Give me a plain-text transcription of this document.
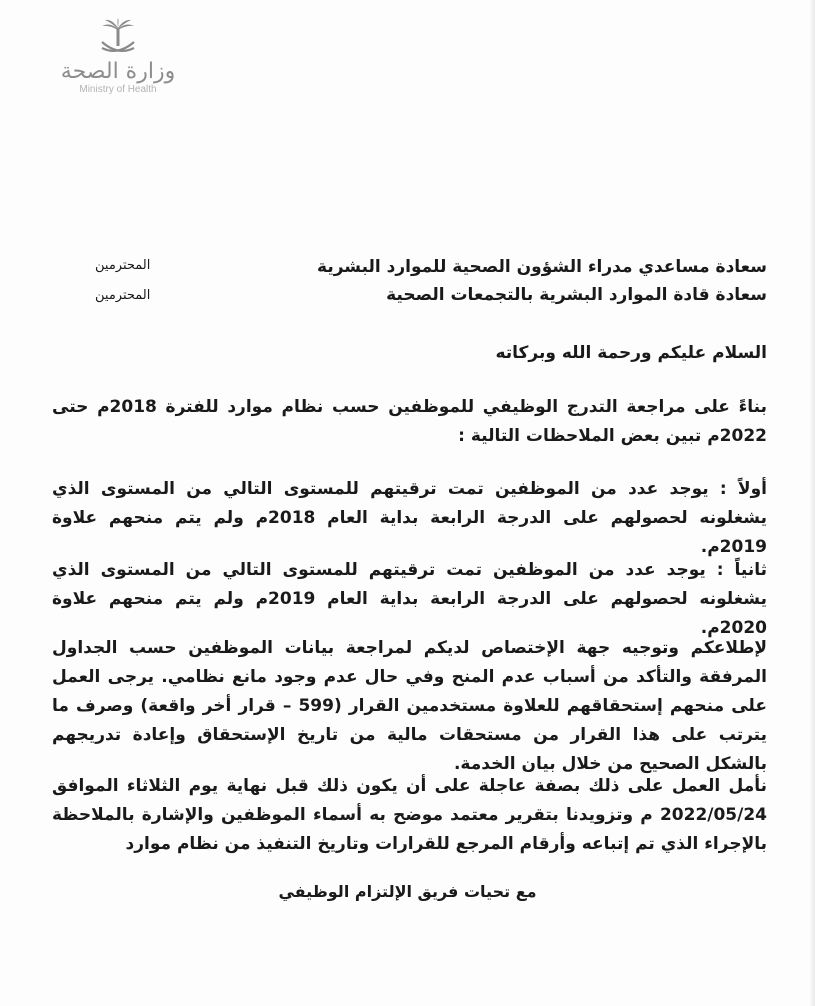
وزارة الصحة
Ministry of Health
سعادة مساعدي مدراء الشؤون الصحية للموارد البشرية
المحترمين
سعادة قادة الموارد البشرية بالتجمعات الصحية
المحترمين
السلام عليكم ورحمة الله وبركاته

بناءً على مراجعة التدرج الوظيفي للموظفين حسب نظام موارد للفترة 2018م حتى 2022م تبين بعض الملاحظات التالية :

أولاً : يوجد عدد من الموظفين تمت ترقيتهم للمستوى التالي من المستوى الذي يشغلونه لحصولهم على الدرجة الرابعة بداية العام 2018م ولم يتم منحهم علاوة 2019م.

ثانياً : يوجد عدد من الموظفين تمت ترقيتهم للمستوى التالي من المستوى الذي يشغلونه لحصولهم على الدرجة الرابعة بداية العام 2019م ولم يتم منحهم علاوة 2020م.

لإطلاعكم وتوجيه جهة الإختصاص لديكم لمراجعة بيانات الموظفين حسب الجداول المرفقة والتأكد من أسباب عدم المنح وفي حال عدم وجود مانع نظامي. يرجى العمل على منحهم إستحقاقهم للعلاوة مستخدمين القرار (599 – قرار أخر واقعة) وصرف ما يترتب على هذا القرار من مستحقات مالية من تاريخ الإستحقاق وإعادة تدريجهم بالشكل الصحيح من خلال بيان الخدمة.

نأمل العمل على ذلك بصفة عاجلة على أن يكون ذلك قبل نهاية يوم الثلاثاء الموافق 2022/05/24 م وتزويدنا بتقرير معتمد موضح به أسماء الموظفين والإشارة بالملاحظة بالإجراء الذي تم إتباعه وأرقام المرجع للقرارات وتاريخ التنفيذ من نظام موارد

مع تحيات فريق الإلتزام الوظيفي
